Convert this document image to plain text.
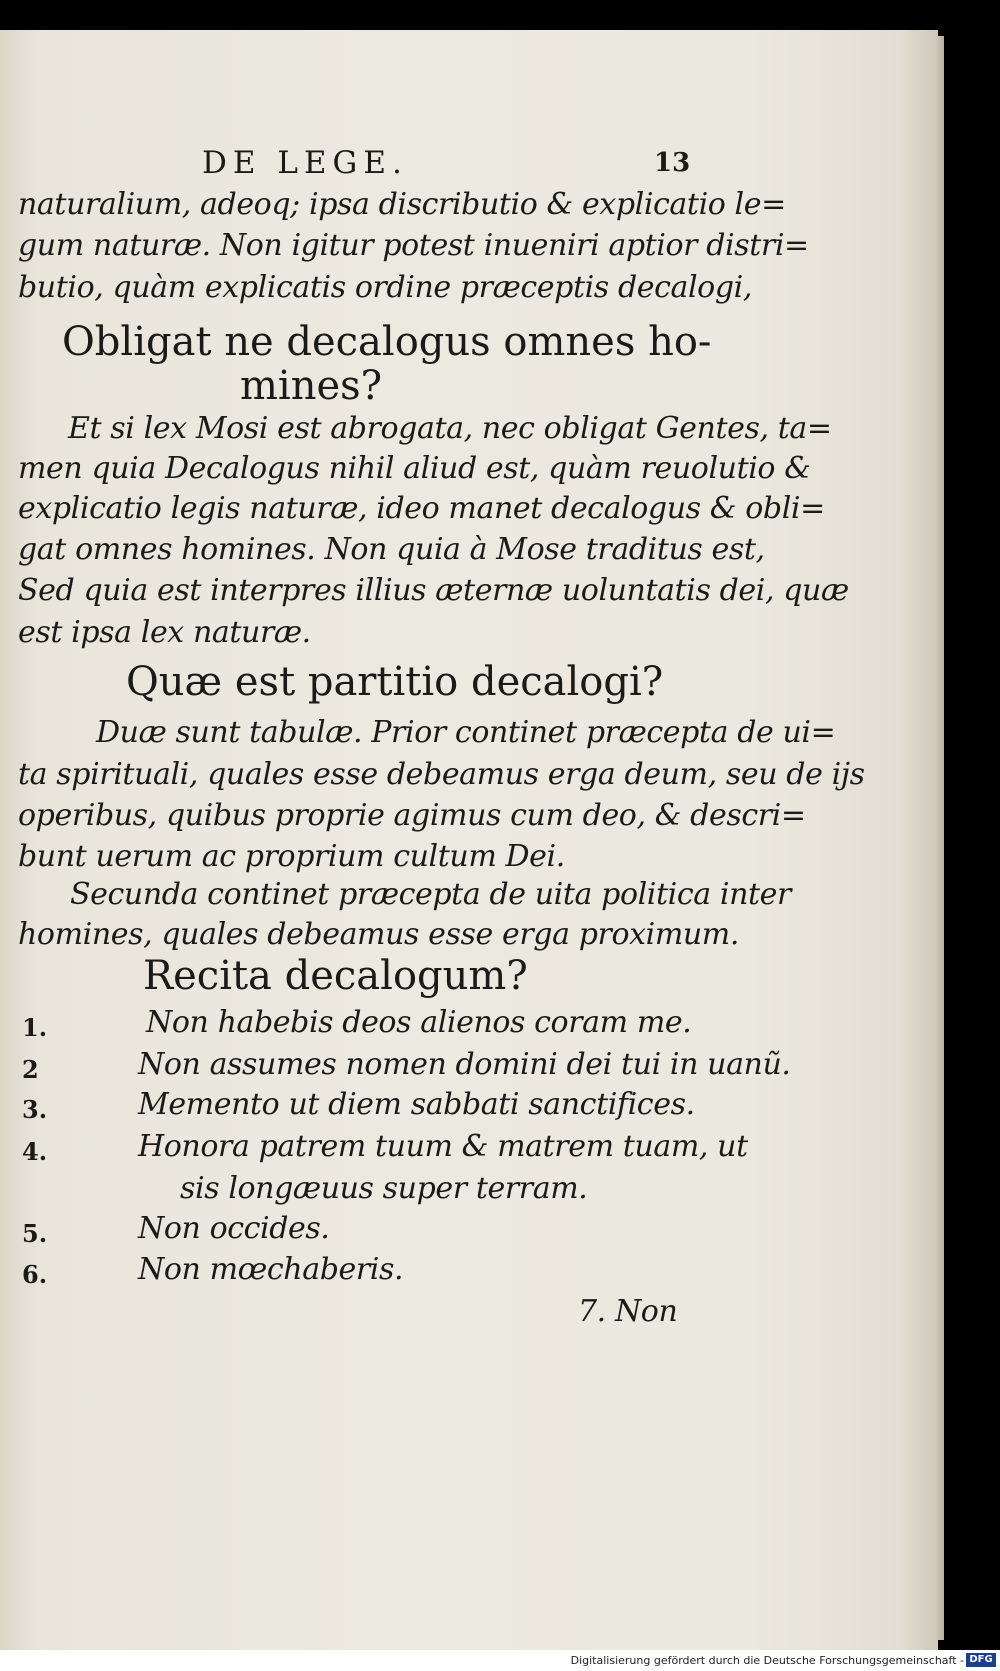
DE LEGE.	13
naturalium, adeoq; ipsa discributio & explicatio le=
gum naturæ. Non igitur potest inueniri aptior distri=
butio, quàm explicatis ordine præceptis decalogi,
Obligat ne decalogus omnes ho-
mines?
Et si lex Mosi est abrogata, nec obligat Gentes, ta=
men quia Decalogus nihil aliud est, quàm reuolutio &
explicatio legis naturæ, ideo manet decalogus & obli=
gat omnes homines. Non quia à Mose traditus est,
Sed quia est interpres illius æternæ uoluntatis dei, quæ
est ipsa lex naturæ.
Quæ est partitio decalogi?
Duæ sunt tabulæ. Prior continet præcepta de ui=
ta spirituali, quales esse debeamus erga deum, seu de ijs
operibus, quibus proprie agimus cum deo, & descri=
bunt uerum ac proprium cultum Dei.
Secunda continet præcepta de uita politica inter
homines, quales debeamus esse erga proximum.
Recita decalogum?
1.	Non habebis deos alienos coram me.
2	Non assumes nomen domini dei tui in uanũ.
3.	Memento ut diem sabbati sanctifices.
4.	Honora patrem tuum & matrem tuam, ut
sis longæuus super terram.
5.	Non occides.
6.	Non mœchaberis.
7. Non
Digitalisierung gefördert durch die Deutsche Forschungsgemeinschaft - DFG
